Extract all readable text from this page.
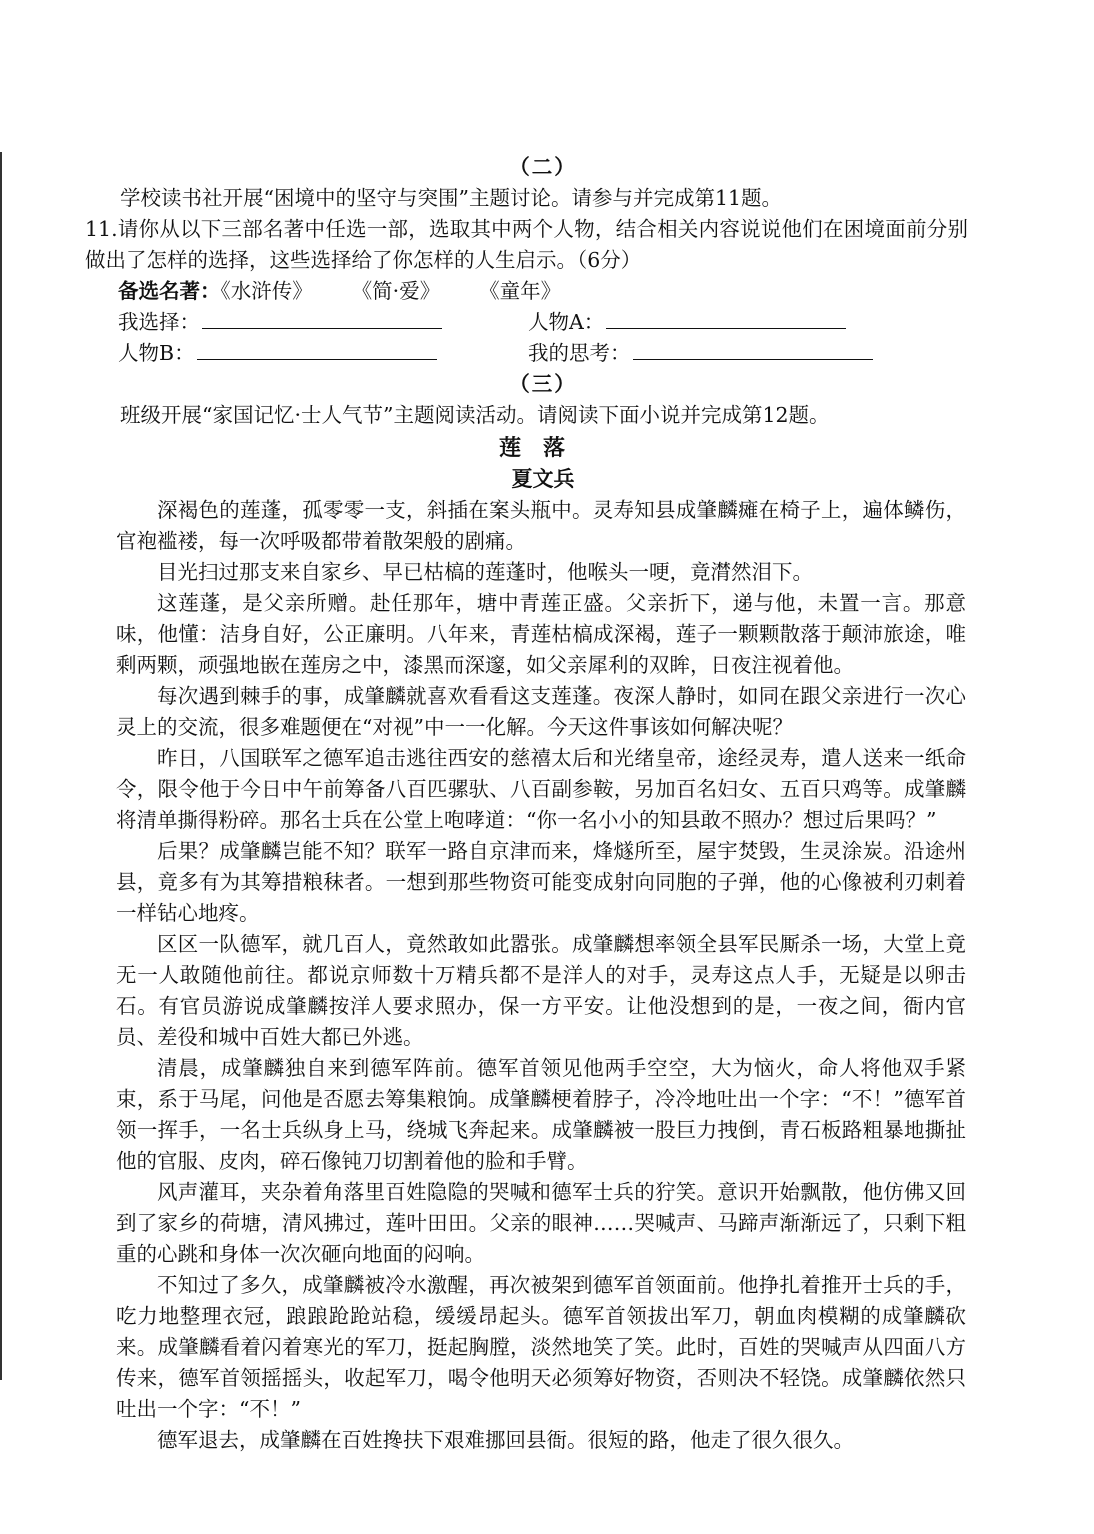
（二）

学校读书社开展“困境中的坚守与突围”主题讨论。请参与并完成第11题。

11.请你从以下三部名著中任选一部，选取其中两个人物，结合相关内容说说他们在困境面前分别做出了怎样的选择，这些选择给了你怎样的人生启示。（6分）

备选名著：《水浒传》 《简·爱》 《童年》

我选择：	人物A：
人物B：	我的思考：
（三）

班级开展“家国记忆·士人气节”主题阅读活动。请阅读下面小说并完成第12题。

莲落
夏文兵

深褐色的莲蓬，孤零零一支，斜插在案头瓶中。灵寿知县成肇麟瘫在椅子上，遍体鳞伤，官袍褴褛，每一次呼吸都带着散架般的剧痛。

目光扫过那支来自家乡、早已枯槁的莲蓬时，他喉头一哽，竟潸然泪下。

这莲蓬，是父亲所赠。赴任那年，塘中青莲正盛。父亲折下，递与他，未置一言。那意味，他懂：洁身自好，公正廉明。八年来，青莲枯槁成深褐，莲子一颗颗散落于颠沛旅途，唯剩两颗，顽强地嵌在莲房之中，漆黑而深邃，如父亲犀利的双眸，日夜注视着他。

每次遇到棘手的事，成肇麟就喜欢看看这支莲蓬。夜深人静时，如同在跟父亲进行一次心灵上的交流，很多难题便在“对视”中一一化解。今天这件事该如何解决呢？

昨日，八国联军之德军追击逃往西安的慈禧太后和光绪皇帝，途经灵寿，遣人送来一纸命令，限令他于今日中午前筹备八百匹骡驮、八百副参鞍，另加百名妇女、五百只鸡等。成肇麟将清单撕得粉碎。那名士兵在公堂上咆哮道：“你一名小小的知县敢不照办？想过后果吗？”

后果？成肇麟岂能不知？联军一路自京津而来，烽燧所至，屋宇焚毁，生灵涂炭。沿途州县，竟多有为其筹措粮秣者。一想到那些物资可能变成射向同胞的子弹，他的心像被利刃刺着一样钻心地疼。

区区一队德军，就几百人，竟然敢如此嚣张。成肇麟想率领全县军民厮杀一场，大堂上竟无一人敢随他前往。都说京师数十万精兵都不是洋人的对手，灵寿这点人手，无疑是以卵击石。有官员游说成肇麟按洋人要求照办，保一方平安。让他没想到的是，一夜之间，衙内官员、差役和城中百姓大都已外逃。

清晨，成肇麟独自来到德军阵前。德军首领见他两手空空，大为恼火，命人将他双手紧束，系于马尾，问他是否愿去筹集粮饷。成肇麟梗着脖子，冷冷地吐出一个字：“不！”德军首领一挥手，一名士兵纵身上马，绕城飞奔起来。成肇麟被一股巨力拽倒，青石板路粗暴地撕扯他的官服、皮肉，碎石像钝刀切割着他的脸和手臂。

风声灌耳，夹杂着角落里百姓隐隐的哭喊和德军士兵的狞笑。意识开始飘散，他仿佛又回到了家乡的荷塘，清风拂过，莲叶田田。父亲的眼神……哭喊声、马蹄声渐渐远了，只剩下粗重的心跳和身体一次次砸向地面的闷响。

不知过了多久，成肇麟被冷水激醒，再次被架到德军首领面前。他挣扎着推开士兵的手，吃力地整理衣冠，踉踉跄跄站稳，缓缓昂起头。德军首领拔出军刀，朝血肉模糊的成肇麟砍来。成肇麟看着闪着寒光的军刀，挺起胸膛，淡然地笑了笑。此时，百姓的哭喊声从四面八方传来，德军首领摇摇头，收起军刀，喝令他明天必须筹好物资，否则决不轻饶。成肇麟依然只吐出一个字：“不！”

德军退去，成肇麟在百姓搀扶下艰难挪回县衙。很短的路，他走了很久很久。
